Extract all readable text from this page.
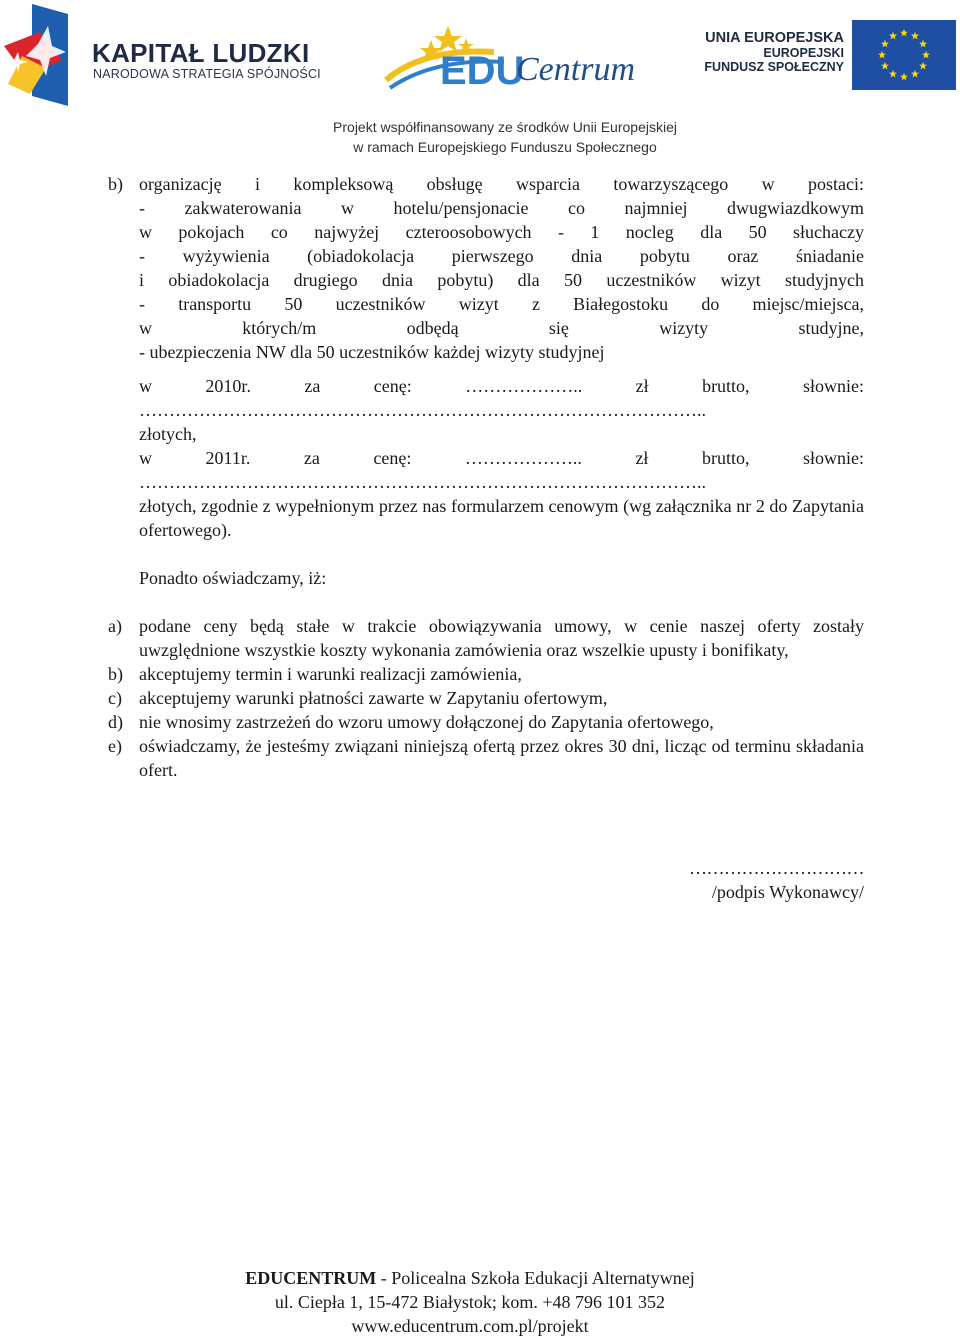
KAPITAŁ LUDZKI
NARODOWA STRATEGIA SPÓJNOŚCI	EDU
Centrum
UNIA EUROPEJSKA
EUROPEJSKI
FUNDUSZ SPOŁECZNY
Projekt współfinansowany ze środków Unii Europejskiej
w ramach Europejskiego Funduszu Społecznego
b) organizację i kompleksową obsługę wsparcia towarzyszącego w postaci:
- zakwaterowania w hotelu/pensjonacie co najmniej dwugwiazdkowym
w pokojach co najwyżej czteroosobowych - 1 nocleg dla 50 słuchaczy
- wyżywienia (obiadokolacja pierwszego dnia pobytu oraz śniadanie
i obiadokolacja drugiego dnia pobytu) dla 50 uczestników wizyt studyjnych
- transportu 50 uczestników wizyt z Białegostoku do miejsc/miejsca,
w których/m odbędą się wizyty studyjne,
- ubezpieczenia NW dla 50 uczestników każdej wizyty studyjnej
w 2010r. za cenę: ……………….. zł brutto, słownie:
…………………………………………………………………………………..
złotych,
w 2011r. za cenę: ……………….. zł brutto, słownie:
…………………………………………………………………………………..
złotych, zgodnie z wypełnionym przez nas formularzem cenowym (wg załącznika nr 2 do Zapytania ofertowego).
Ponadto oświadczamy, iż:
a) podane ceny będą stałe w trakcie obowiązywania umowy, w cenie naszej oferty zostały uwzględnione wszystkie koszty wykonania zamówienia oraz wszelkie upusty i bonifikaty,
b) akceptujemy termin i warunki realizacji zamówienia,
c) akceptujemy warunki płatności zawarte w Zapytaniu ofertowym,
d) nie wnosimy zastrzeżeń do wzoru umowy dołączonej do Zapytania ofertowego,
e) oświadczamy, że jesteśmy związani niniejszą ofertą przez okres 30 dni, licząc od terminu składania ofert.
…………………………
/podpis Wykonawcy/
EDUCENTRUM - Policealna Szkoła Edukacji Alternatywnej
ul. Ciepła 1, 15-472 Białystok; kom. +48 796 101 352
www.educentrum.com.pl/projekt
